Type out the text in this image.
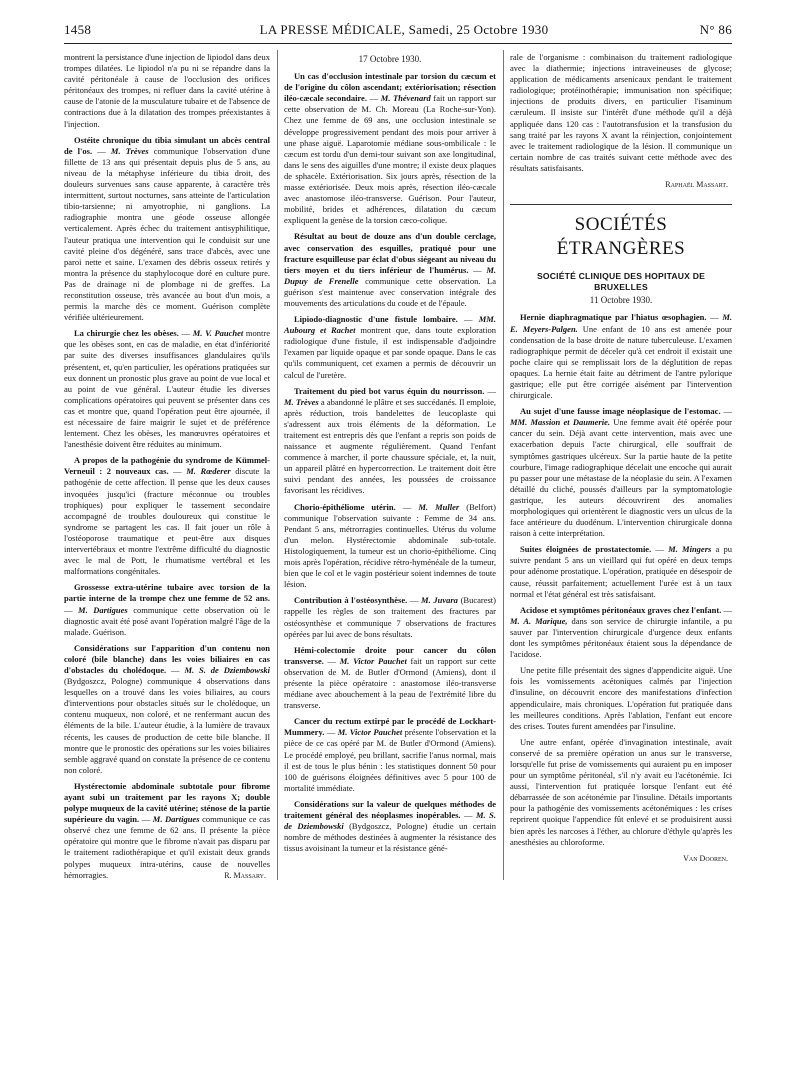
1458	LA PRESSE MÉDICALE, Samedi, 25 Octobre 1930	N° 86

montrent la persistance d'une injection de lipiodol dans deux trompes dilatées. Le lipiodol n'a pu ni se répandre dans la cavité péritonéale à cause de l'occlusion des orifices péritonéaux des trompes, ni refluer dans la cavité utérine à cause de l'atonie de la musculature tubaire et de l'absence de contractions due à la dilatation des trompes préexistantes à l'injection.

Ostéite chronique du tibia simulant un abcès central de l'os. — M. Trèves communique l'observation d'une fillette de 13 ans qui présentait depuis plus de 5 ans, au niveau de la métaphyse inférieure du tibia droit, des douleurs survenues sans cause apparente, à caractère très intermittent, surtout nocturnes, sans atteinte de l'articulation tibio-tarsienne; ni amyotrophie, ni ganglions. La radiographie montra une géode osseuse allongée verticalement. Après échec du traitement antisyphilitique, l'auteur pratiqua une intervention qui le conduisit sur une cavité pleine d'os dégénéré, sans trace d'abcès, avec une paroi nette et saine. L'examen des débris osseux retirés y montra la présence du staphylocoque doré en culture pure. Pas de drainage ni de plombage ni de greffes. La reconstitution osseuse, très avancée au bout d'un mois, a permis la marche dès ce moment. Guérison complète vérifiée ultérieurement.

La chirurgie chez les obèses. — M. V. Pauchet montre que les obèses sont, en cas de maladie, en état d'infériorité par suite des diverses insuffisances glandulaires qu'ils présentent, et, qu'en particulier, les opérations pratiquées sur eux donnent un pronostic plus grave au point de vue local et au point de vue général. L'auteur étudie les diverses complications opératoires qui peuvent se présenter dans ces cas et montre que, quand l'opération peut être ajournée, il est nécessaire de faire maigrir le sujet et de préférence lentement. Chez les obèses, les manœuvres opératoires et l'anesthésie doivent être réduites au minimum.

A propos de la pathogénie du syndrome de Kümmel-Verneuil : 2 nouveaux cas. — M. Rœderer discute la pathogénie de cette affection. Il pense que les deux causes invoquées jusqu'ici (fracture méconnue ou troubles trophiques) pour expliquer le tassement secondaire accompagné de troubles douloureux qui constitue le syndrome se partagent les cas. Il fait jouer un rôle à l'ostéoporose traumatique et peut-être aux disques intervertébraux et montre l'extrême difficulté du diagnostic avec le mal de Pott, le rhumatisme vertébral et les malformations congénitales.

Grossesse extra-utérine tubaire avec torsion de la partie interne de la trompe chez une femme de 52 ans. — M. Dartigues communique cette observation où le diagnostic avait été posé avant l'opération malgré l'âge de la malade. Guérison.

Considérations sur l'apparition d'un contenu non coloré (bile blanche) dans les voies biliaires en cas d'obstacles du cholédoque. — M. S. de Dziembowski (Bydgoszcz, Pologne) communique 4 observations dans lesquelles on a trouvé dans les voies biliaires, au cours d'interventions pour obstacles situés sur le cholédoque, un contenu muqueux, non coloré, et ne renfermant aucun des éléments de la bile. L'auteur étudie, à la lumière de travaux récents, les causes de production de cette bile blanche. Il montre que le pronostic des opérations sur les voies biliaires semble aggravé quand on constate la présence de ce contenu non coloré.

Hystérectomie abdominale subtotale pour fibrome ayant subi un traitement par les rayons X; double polype muqueux de la cavité utérine; sténose de la partie supérieure du vagin. — M. Dartigues communique ce cas observé chez une femme de 62 ans. Il présente la pièce opératoire qui montre que le fibrome n'avait pas disparu par le traitement radiothérapique et qu'il existait deux grands polypes muqueux intra-utérins, cause de nouvelles hémorragies.	R. Massary.

17 Octobre 1930.

Un cas d'occlusion intestinale par torsion du cæcum et de l'origine du côlon ascendant; extériorisation; résection iléo-cæcale secondaire. — M. Thévenard fait un rapport sur cette observation de M. Ch. Moreau (La Roche-sur-Yon). Chez une femme de 69 ans, une occlusion intestinale se développe progressivement pendant des mois pour arriver à une phase aiguë. Laparotomie médiane sous-ombilicale : le cæcum est tordu d'un demi-tour suivant son axe longitudinal, dans le sens des aiguilles d'une montre; il existe deux plaques de sphacèle. Extériorisation. Six jours après, résection de la masse extériorisée. Deux mois après, résection iléo-cæcale avec anastomose iléo-transverse. Guérison. Pour l'auteur, mobilité, brides et adhérences, dilatation du cæcum expliquent la genèse de la torsion cæco-colique.

Résultat au bout de douze ans d'un double cerclage, avec conservation des esquilles, pratiqué pour une fracture esquilleuse par éclat d'obus siégeant au niveau du tiers moyen et du tiers inférieur de l'humérus. — M. Dupuy de Frenelle communique cette observation. La guérison s'est maintenue avec conservation intégrale des mouvements des articulations du coude et de l'épaule.

Lipiodo-diagnostic d'une fistule lombaire. — MM. Aubourg et Rachet montrent que, dans toute exploration radiologique d'une fistule, il est indispensable d'adjoindre l'examen par liquide opaque et par sonde opaque. Dans le cas qu'ils communiquent, cet examen a permis de découvrir un calcul de l'uretère.

Traitement du pied bot varus équin du nourrisson. — M. Trèves a abandonné le plâtre et ses succédanés. Il emploie, après réduction, trois bandelettes de leucoplaste qui s'adressent aux trois éléments de la déformation. Le traitement est entrepris dès que l'enfant a repris son poids de naissance et augmente régulièrement. Quand l'enfant commence à marcher, il porte chaussure spéciale, et, la nuit, un appareil plâtré en hypercorrection. Le traitement doit être suivi pendant des années, les poussées de croissance favorisant les récidives.

Chorio-épithéliome utérin. — M. Muller (Belfort) communique l'observation suivante : Femme de 34 ans. Pendant 5 ans, métrorragies continuelles. Utérus du volume d'un melon. Hystérectomie abdominale sub-totale. Histologiquement, la tumeur est un chorio-épithéliome. Cinq mois après l'opération, récidive rétro-hyménéale de la tumeur, bien que le col et le vagin postérieur soient indemnes de toute lésion.

Contribution à l'ostéosynthèse. — M. Juvara (Bucarest) rappelle les règles de son traitement des fractures par ostéosynthèse et communique 7 observations de fractures opérées par lui avec de bons résultats.

Hémi-colectomie droite pour cancer du côlon transverse. — M. Victor Pauchet fait un rapport sur cette observation de M. de Butler d'Ormond (Amiens), dont il présente la pièce opératoire : anastomose iléo-transverse médiane avec abouchement à la peau de l'extrémité libre du transverse.

Cancer du rectum extirpé par le procédé de Lockhart-Mummery. — M. Victor Pauchet présente l'observation et la pièce de ce cas opéré par M. de Butler d'Ormond (Amiens). Le procédé employé, peu brillant, sacrifie l'anus normal, mais il est de tous le plus bénin : les statistiques donnent 50 pour 100 de guérisons éloignées définitives avec 5 pour 100 de mortalité immédiate.

Considérations sur la valeur de quelques méthodes de traitement général des néoplasmes inopérables. — M. S. de Dziembowski (Bydgoszcz, Pologne) étudie un certain nombre de méthodes destinées à augmenter la résistance des tissus avoisinant la tumeur et la résistance géné-

rale de l'organisme : combinaison du traitement radiologique avec la diathermie; injections intraveineuses de glycose; application de médicaments arsenicaux pendant le traitement radiologique; protéinothérapie; immunisation non spécifique; injections de produits divers, en particulier l'isaminum cæruleum. Il insiste sur l'intérêt d'une méthode qu'il a déjà appliquée dans 120 cas : l'autotransfusion et la transfusion du sang traité par les rayons X avant la réinjection, conjointement avec le traitement radiologique de la lésion. Il communique un certain nombre de cas traités suivant cette méthode avec des résultats satisfaisants.

Raphaël Massart.
SOCIÉTÉS ÉTRANGÈRES
SOCIÉTÉ CLINIQUE DES HOPITAUX DE BRUXELLES
11 Octobre 1930.

Hernie diaphragmatique par l'hiatus œsophagien. — M. E. Meyers-Palgen. Une enfant de 10 ans est amenée pour condensation de la base droite de nature tuberculeuse. L'examen radiographique permit de déceler qu'à cet endroit il existait une poche claire qui se remplissait lors de la déglutition de repas opaques. La hernie était faite au détriment de l'antre pylorique gastrique; elle put être corrigée aisément par l'intervention chirurgicale.

Au sujet d'une fausse image néoplasique de l'estomac. — MM. Massion et Daumerie. Une femme avait été opérée pour cancer du sein. Déjà avant cette intervention, mais avec une exacerbation depuis l'acte chirurgical, elle souffrait de symptômes gastriques ulcéreux. Sur la partie haute de la petite courbure, l'image radiographique décelait une encoche qui aurait pu passer pour une métastase de la néoplasie du sein. A l'examen détaillé du cliché, poussés d'ailleurs par la symptomatologie gastrique, les auteurs découvrirent des anomalies morphologiques qui orientèrent le diagnostic vers un ulcus de la face antérieure du duodénum. L'intervention chirurgicale donna raison à cette interprétation.

Suites éloignées de prostatectomie. — M. Mingers a pu suivre pendant 5 ans un vieillard qui fut opéré en deux temps pour adénome prostatique. L'opération, pratiquée en désespoir de cause, réussit parfaitement; actuellement l'urée est à un taux normal et l'état général est très satisfaisant.

Acidose et symptômes péritonéaux graves chez l'enfant. — M. A. Marique, dans son service de chirurgie infantile, a pu sauver par l'intervention chirurgicale d'urgence deux enfants dont les symptômes péritonéaux étaient sous la dépendance de l'acidose.

Une petite fille présentait des signes d'appendicite aiguë. Une fois les vomissements acétoniques calmés par l'injection d'insuline, on découvrit encore des manifestations d'infection appendiculaire, mais chroniques. L'opération fut pratiquée dans les meilleures conditions. Après l'ablation, l'enfant eut encore des crises. Toutes furent amendées par l'insuline.

Une autre enfant, opérée d'invagination intestinale, avait conservé de sa première opération un anus sur le transverse, lorsqu'elle fut prise de vomissements qui auraient pu en imposer pour un symptôme péritonéal, s'il n'y avait eu l'acétonémie. Ici aussi, l'intervention fut pratiquée lorsque l'enfant eut été débarrassée de son acétonémie par l'insuline. Détails importants pour la pathogénie des vomissements acétonémiques : les crises reprirent quoique l'appendice fût enlevé et se produisirent aussi bien après les narcoses à l'éther, au chlorure d'éthyle qu'après les anesthésies au chloroforme.

Van Dooren.
